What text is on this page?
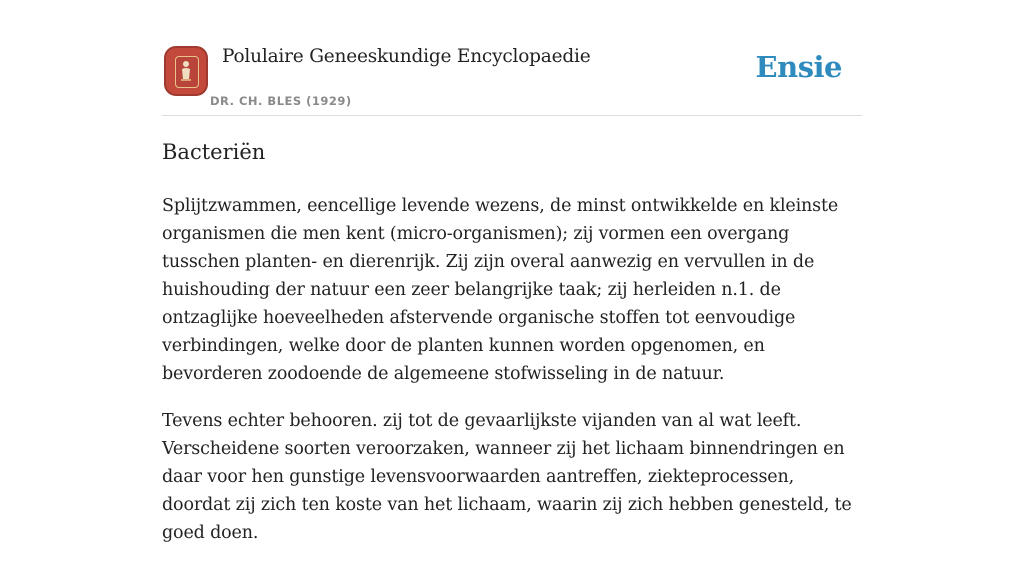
Polulaire Geneeskundige Encyclopaedie
DR. CH. BLES (1929)
Ensie
Bacteriën

Splijtzwammen, eencellige levende wezens, de minst ontwikkelde en kleinste organismen die men kent (micro-organismen); zij vormen een overgang tusschen planten- en dierenrijk. Zij zijn overal aanwezig en vervullen in de huishouding der natuur een zeer belangrijke taak; zij herleiden n.1. de ontzaglijke hoeveelheden afstervende organische stoffen tot eenvoudige verbindingen, welke door de planten kunnen worden opgenomen, en bevorderen zoodoende de algemeene stofwisseling in de natuur.

Tevens echter behooren. zij tot de gevaarlijkste vijanden van al wat leeft. Verscheidene soorten veroorzaken, wanneer zij het lichaam binnendringen en daar voor hen gunstige levensvoorwaarden aantreffen, ziekteprocessen, doordat zij zich ten koste van het lichaam, waarin zij zich hebben genesteld, te goed doen.
